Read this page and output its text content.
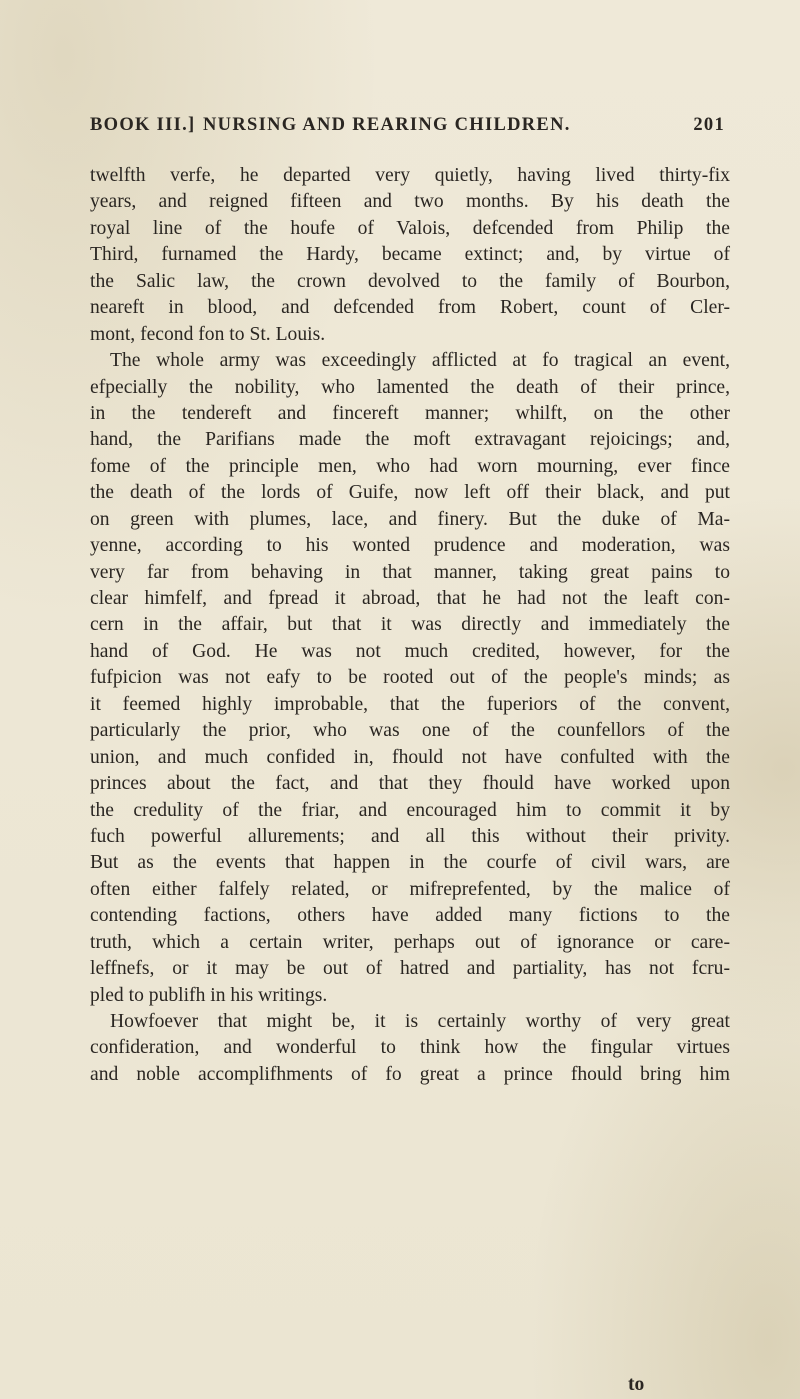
BOOK III.] NURSING AND REARING CHILDREN.	201
twelfth verfe, he departed very quietly, having lived thirty-fix
years, and reigned fifteen and two months. By his death the
royal line of the houfe of Valois, defcended from Philip the
Third, furnamed the Hardy, became extinct; and, by virtue of
the Salic law, the crown devolved to the family of Bourbon,
neareft in blood, and defcended from Robert, count of Cler-
mont, fecond fon to St. Louis.
The whole army was exceedingly afflicted at fo tragical an event,
efpecially the nobility, who lamented the death of their prince,
in the tendereft and fincereft manner; whilft, on the other
hand, the Parifians made the moft extravagant rejoicings; and,
fome of the principle men, who had worn mourning, ever fince
the death of the lords of Guife, now left off their black, and put
on green with plumes, lace, and finery. But the duke of Ma-
yenne, according to his wonted prudence and moderation, was
very far from behaving in that manner, taking great pains to
clear himfelf, and fpread it abroad, that he had not the leaft con-
cern in the affair, but that it was directly and immediately the
hand of God. He was not much credited, however, for the
fufpicion was not eafy to be rooted out of the people's minds; as
it feemed highly improbable, that the fuperiors of the convent,
particularly the prior, who was one of the counfellors of the
union, and much confided in, fhould not have confulted with the
princes about the fact, and that they fhould have worked upon
the credulity of the friar, and encouraged him to commit it by
fuch powerful allurements; and all this without their privity.
But as the events that happen in the courfe of civil wars, are
often either falfely related, or mifreprefented, by the malice of
contending factions, others have added many fictions to the
truth, which a certain writer, perhaps out of ignorance or care-
leffnefs, or it may be out of hatred and partiality, has not fcru-
pled to publifh in his writings.
Howfoever that might be, it is certainly worthy of very great
confideration, and wonderful to think how the fingular virtues
and noble accomplifhments of fo great a prince fhould bring him
to
